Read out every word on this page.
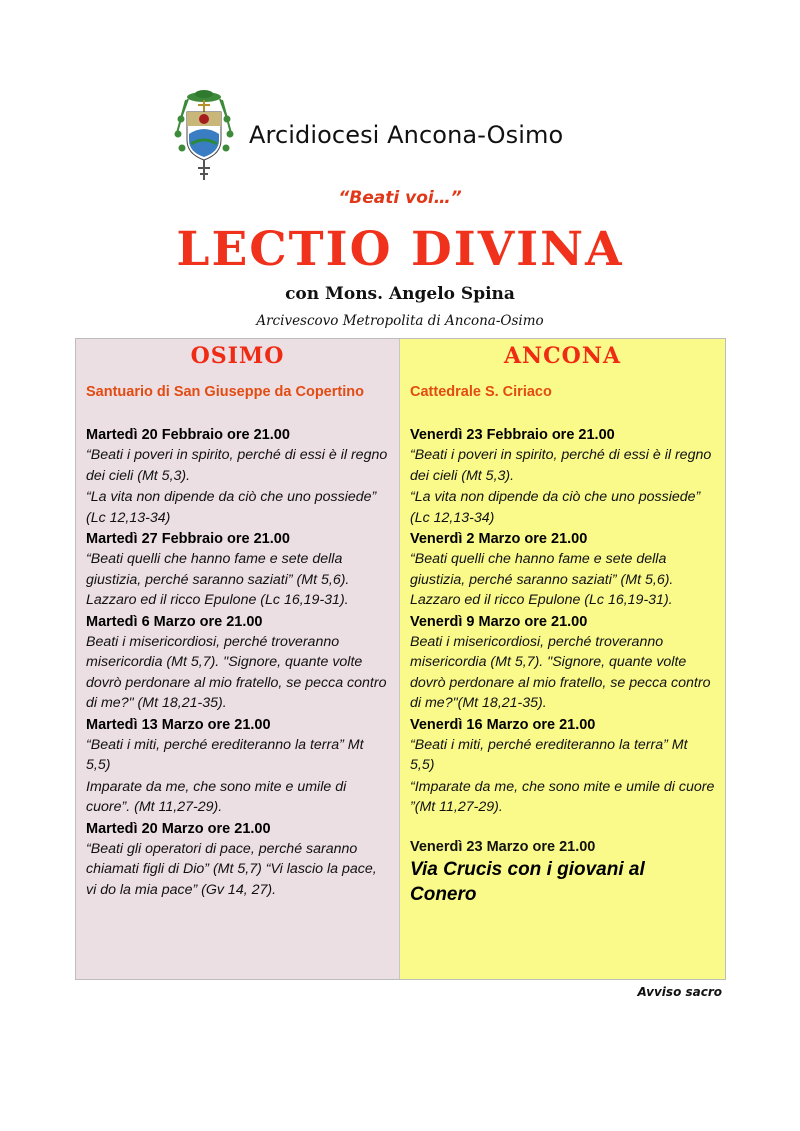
Arcidiocesi Ancona-Osimo
“Beati voi…”
LECTIO DIVINA
con Mons. Angelo Spina
Arcivescovo Metropolita di Ancona-Osimo
OSIMO
Santuario di San Giuseppe da Copertino
Martedì 20 Febbraio ore 21.00

“Beati i poveri in spirito, perché di essi è il regno dei cieli (Mt 5,3).

“La vita non dipende da ciò che uno possiede” (Lc 12,13-34)

Martedì 27 Febbraio ore 21.00

“Beati quelli che hanno fame e sete della giustizia, perché saranno saziati” (Mt 5,6). Lazzaro ed il ricco Epulone (Lc 16,19-31).

Martedì 6 Marzo ore 21.00

Beati i misericordiosi, perché troveranno misericordia (Mt 5,7). "Signore, quante volte dovrò perdonare al mio fratello, se pecca contro di me?" (Mt 18,21-35).

Martedì 13 Marzo ore 21.00

“Beati i miti, perché erediteranno la terra” Mt 5,5)

Imparate da me, che sono mite e umile di cuore”. (Mt 11,27-29).

Martedì 20 Marzo ore 21.00

“Beati gli operatori di pace, perché saranno chiamati figli di Dio” (Mt 5,7) “Vi lascio la pace, vi do la mia pace” (Gv 14, 27).

ANCONA
Cattedrale S. Ciriaco
Venerdì 23 Febbraio ore 21.00

“Beati i poveri in spirito, perché di essi è il regno dei cieli (Mt 5,3).

“La vita non dipende da ciò che uno possiede” (Lc 12,13-34)

Venerdì 2 Marzo ore 21.00

“Beati quelli che hanno fame e sete della giustizia, perché saranno saziati” (Mt 5,6). Lazzaro ed il ricco Epulone (Lc 16,19-31).

Venerdì 9 Marzo ore 21.00

Beati i misericordiosi, perché troveranno misericordia (Mt 5,7). "Signore, quante volte dovrò perdonare al mio fratello, se pecca contro di me?"(Mt 18,21-35).

Venerdì 16 Marzo ore 21.00

“Beati i miti, perché erediteranno la terra” Mt 5,5)

“Imparate da me, che sono mite e umile di cuore ”(Mt 11,27-29).

Venerdì 23 Marzo ore 21.00
Via Crucis con i giovani al Conero
Avviso sacro
